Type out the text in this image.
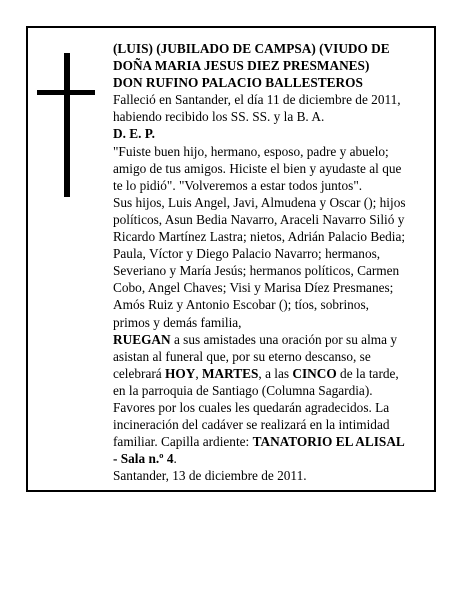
(LUIS) (JUBILADO DE CAMPSA) (VIUDO DE DOÑA MARIA JESUS DIEZ PRESMANES)

DON RUFINO PALACIO BALLESTEROS

Falleció en Santander, el día 11 de diciembre de 2011, habiendo recibido los SS. SS. y la B. A.

D. E. P.

"Fuiste buen hijo, hermano, esposo, padre y abuelo; amigo de tus amigos. Hiciste el bien y ayudaste al que te lo pidió". "Volveremos a estar todos juntos".

Sus hijos, Luis Angel, Javi, Almudena y Oscar (); hijos políticos, Asun Bedia Navarro, Araceli Navarro Silió y Ricardo Martínez Lastra; nietos, Adrián Palacio Bedia; Paula, Víctor y Diego Palacio Navarro; hermanos, Severiano y María Jesús; hermanos políticos, Carmen Cobo, Angel Chaves; Visi y Marisa Díez Presmanes; Amós Ruiz y Antonio Escobar (); tíos, sobrinos, primos y demás familia,

RUEGAN a sus amistades una oración por su alma y asistan al funeral que, por su eterno descanso, se celebrará HOY, MARTES, a las CINCO de la tarde, en la parroquia de Santiago (Columna Sagardia). Favores por los cuales les quedarán agradecidos. La incineración del cadáver se realizará en la intimidad familiar. Capilla ardiente: TANATORIO EL ALISAL - Sala n.º 4.

Santander, 13 de diciembre de 2011.
